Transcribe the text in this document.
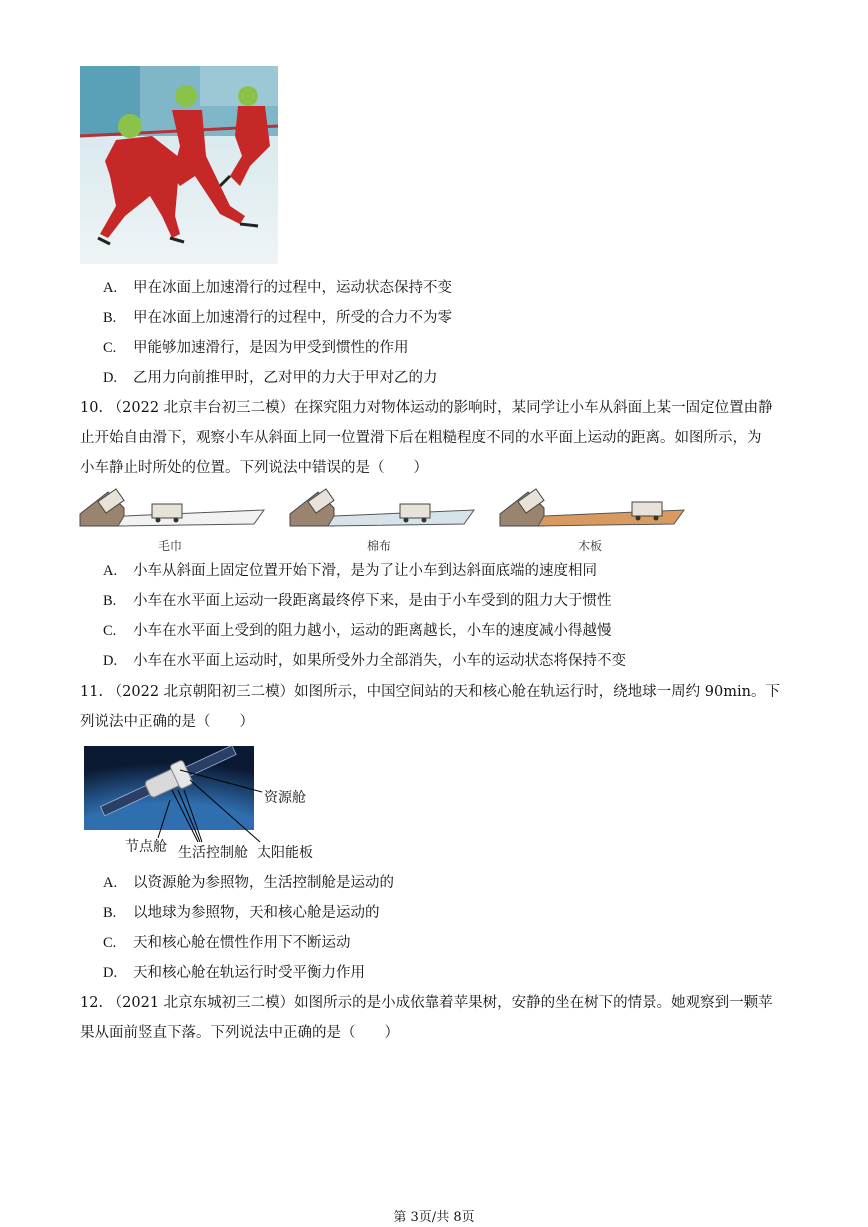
A. 甲在冰面上加速滑行的过程中，运动状态保持不变
B. 甲在冰面上加速滑行的过程中，所受的合力不为零
C. 甲能够加速滑行，是因为甲受到惯性的作用
D. 乙用力向前推甲时，乙对甲的力大于甲对乙的力
10. （2022 北京丰台初三二模）在探究阻力对物体运动的影响时，某同学让小车从斜面上某一固定位置由静
止开始自由滑下，观察小车从斜面上同一位置滑下后在粗糙程度不同的水平面上运动的距离。如图所示，为
小车静止时所处的位置。下列说法中错误的是（　　）
毛巾	棉布	木板
A. 小车从斜面上固定位置开始下滑，是为了让小车到达斜面底端的速度相同
B. 小车在水平面上运动一段距离最终停下来，是由于小车受到的阻力大于惯性
C. 小车在水平面上受到的阻力越小，运动的距离越长，小车的速度减小得越慢
D. 小车在水平面上运动时，如果所受外力全部消失，小车的运动状态将保持不变
11. （2022 北京朝阳初三二模）如图所示，中国空间站的天和核心舱在轨运行时，绕地球一周约 90min。下
列说法中正确的是（　　）
资源舱
节点舱 生活控制舱 太阳能板
A. 以资源舱为参照物，生活控制舱是运动的
B. 以地球为参照物，天和核心舱是运动的
C. 天和核心舱在惯性作用下不断运动
D. 天和核心舱在轨运行时受平衡力作用
12. （2021 北京东城初三二模）如图所示的是小成依靠着苹果树，安静的坐在树下的情景。她观察到一颗苹
果从面前竖直下落。下列说法中正确的是（　　）
第 3页/共 8页
